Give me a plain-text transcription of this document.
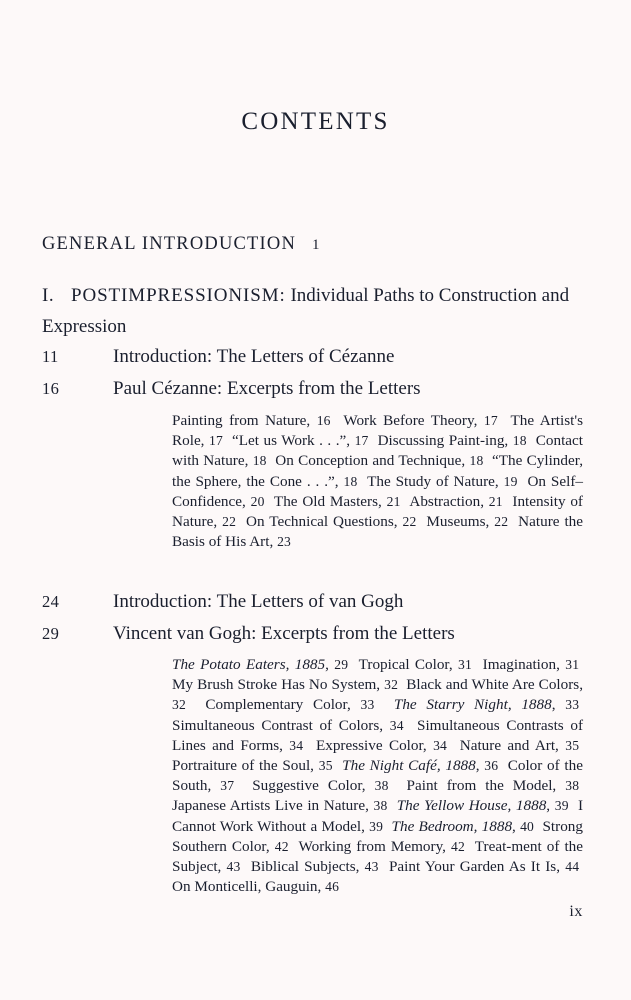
CONTENTS
GENERAL INTRODUCTION 1
I. POSTIMPRESSIONISM: Individual Paths to Construction and Expression
11	Introduction: The Letters of Cézanne
16	Paul Cézanne: Excerpts from the Letters
Painting from Nature, 16  Work Before Theory, 17  The Artist's Role, 17  “Let us Work . . .”, 17  Discussing Paint-ing, 18  Contact with Nature, 18  On Conception and Technique, 18  “The Cylinder, the Sphere, the Cone . . .”, 18  The Study of Nature, 19  On Self–Confidence, 20  The Old Masters, 21  Abstraction, 21  Intensity of Nature, 22  On Technical Questions, 22  Museums, 22  Nature the Basis of His Art, 23
24	Introduction: The Letters of van Gogh
29	Vincent van Gogh: Excerpts from the Letters
The Potato Eaters, 1885, 29  Tropical Color, 31  Imagination, 31  My Brush Stroke Has No System, 32  Black and White Are Colors, 32  Complementary Color, 33 The Starry Night, 1888, 33  Simultaneous Contrast of Colors, 34  Simultaneous Contrasts of Lines and Forms, 34  Expressive Color, 34  Nature and Art, 35  Portraiture of the Soul, 35 The Night Café, 1888, 36  Color of the South, 37  Suggestive Color, 38  Paint from the Model, 38  Japanese Artists Live in Nature, 38 The Yellow House, 1888, 39  I Cannot Work Without a Model, 39 The Bedroom, 1888, 40  Strong Southern Color, 42  Working from Memory, 42  Treat-ment of the Subject, 43  Biblical Subjects, 43  Paint Your Garden As It Is, 44  On Monticelli, Gauguin, 46
ix
